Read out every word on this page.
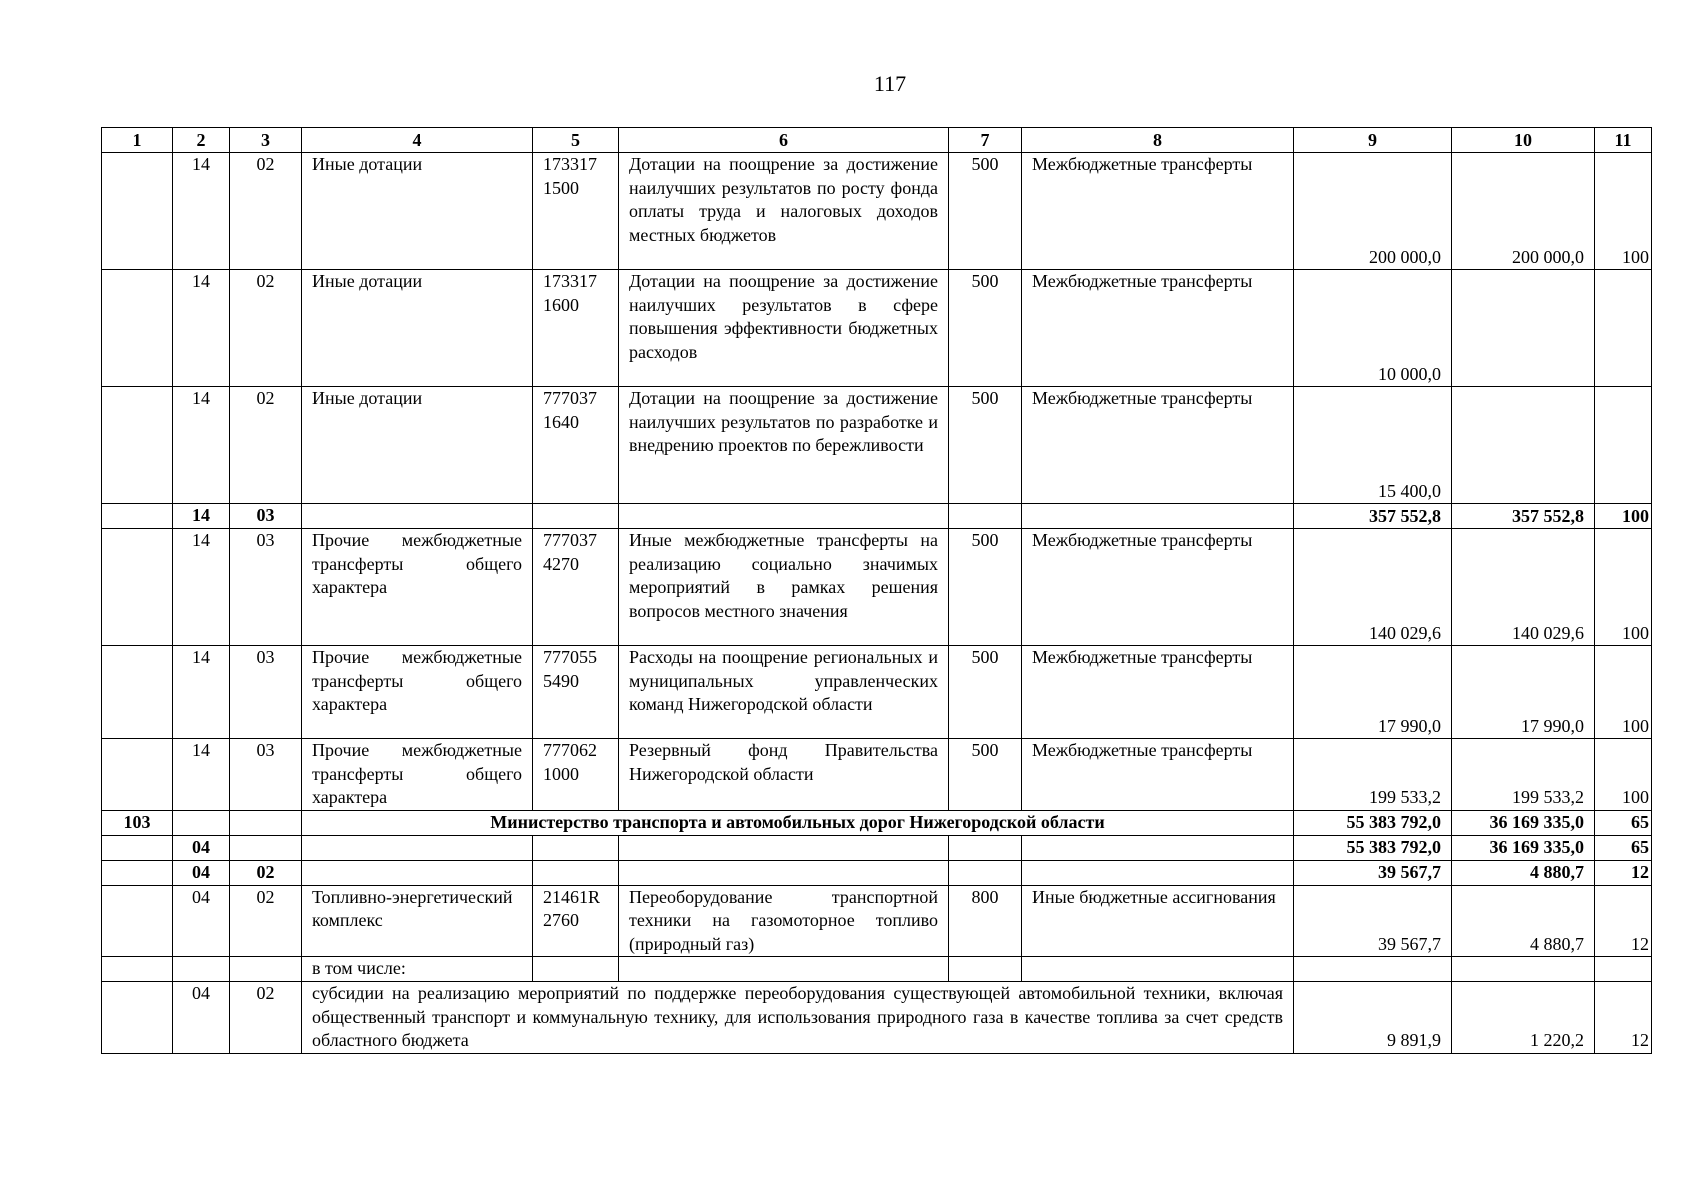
117
1	2	3	4	5	6	7	8	9	10	11
	14	02	Иные дотации	173317 1500	Дотации на поощрение за достижение наилучших результатов по росту фонда оплаты труда и налоговых доходов местных бюджетов	500	Межбюджетные трансферты	200 000,0	200 000,0	100
	14	02	Иные дотации	173317 1600	Дотации на поощрение за достижение наилучших результатов в сфере повышения эффективности бюджетных расходов	500	Межбюджетные трансферты	10 000,0		
	14	02	Иные дотации	777037 1640	Дотации на поощрение за достижение наилучших результатов по разработке и внедрению проектов по бережливости	500	Межбюджетные трансферты	15 400,0		
	14	03						357 552,8	357 552,8	100
	14	03	Прочие межбюджетные трансферты общего характера	777037 4270	Иные межбюджетные трансферты на реализацию социально значимых мероприятий в рамках решения вопросов местного значения	500	Межбюджетные трансферты	140 029,6	140 029,6	100
	14	03	Прочие межбюджетные трансферты общего характера	777055 5490	Расходы на поощрение региональных и муниципальных управленческих команд Нижегородской области	500	Межбюджетные трансферты	17 990,0	17 990,0	100
	14	03	Прочие межбюджетные трансферты общего характера	777062 1000	Резервный фонд Правительства Нижегородской области	500	Межбюджетные трансферты	199 533,2	199 533,2	100
103			Министерство транспорта и автомобильных дорог Нижегородской области					55 383 792,0	36 169 335,0	65
	04							55 383 792,0	36 169 335,0	65
	04	02						39 567,7	4 880,7	12
	04	02	Топливно-энергетический комплекс	21461R 2760	Переоборудование транспортной техники на газомоторное топливо (природный газ)	800	Иные бюджетные ассигнования	39 567,7	4 880,7	12
			в том числе:							
	04	02	субсидии на реализацию мероприятий по поддержке переоборудования существующей автомобильной техники, включая общественный транспорт и коммунальную технику, для использования природного газа в качестве топлива за счет средств областного бюджета					9 891,9	1 220,2	12
